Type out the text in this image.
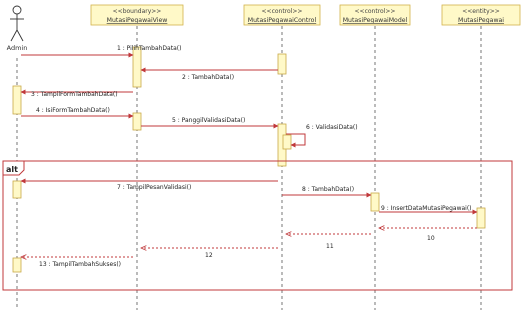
Admin
<<boundary>>
MutasiPegawaiView
<<control>>
MutasiPegawaiControl
<<control>>
MutasiPegawaiModel
<<entity>>
MutasiPegawai
alt
1 : PilihTambahData()
2 : TambahData()
3 : TampilFormTambahData()
4 : IsiFormTambahData()
5 : PanggilValidasiData()
6 : ValidasiData()
7 : TampilPesanValidasi()	8 : TambahData()
9 : InsertDataMutasiPegawai()
10
11
12
13 : TampilTambahSukses()
